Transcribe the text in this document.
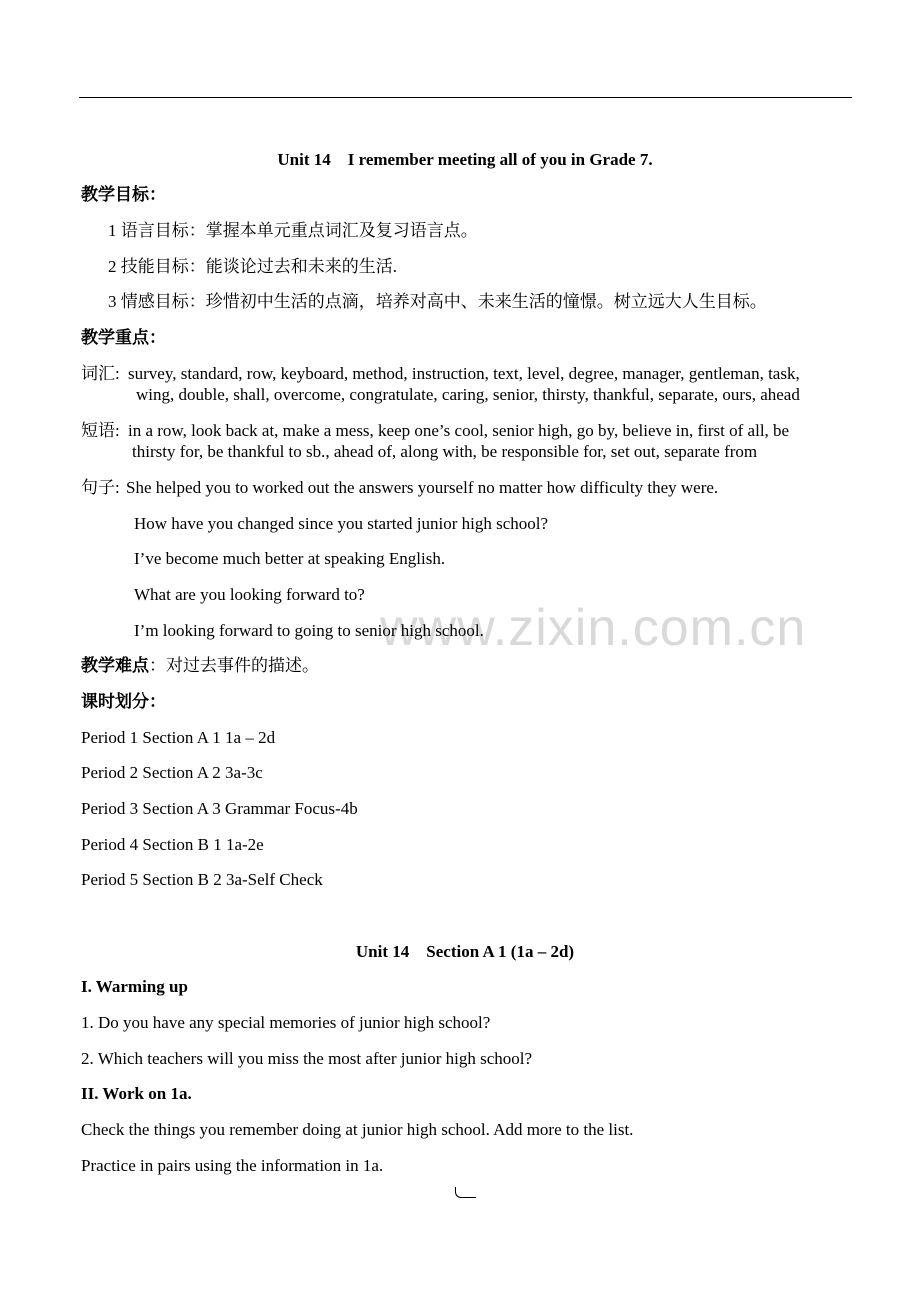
www.zixin.com.cn
Unit 14　I remember meeting all of you in Grade 7.
教学目标：
1 语言目标：掌握本单元重点词汇及复习语言点。
2 技能目标：能谈论过去和未来的生活.
3 情感目标：珍惜初中生活的点滴，培养对高中、未来生活的憧憬。树立远大人生目标。
教学重点：
词汇: survey, standard, row, keyboard, method, instruction, text, level, degree, manager, gentleman, task,
wing, double, shall, overcome, congratulate, caring, senior, thirsty, thankful, separate, ours, ahead
短语: in a row, look back at, make a mess, keep one’s cool, senior high, go by, believe in, first of all, be
thirsty for, be thankful to sb., ahead of, along with, be responsible for, set out, separate from
句子: She helped you to worked out the answers yourself no matter how difficulty they were.
How have you changed since you started junior high school?
I’ve become much better at speaking English.
What are you looking forward to?
I’m looking forward to going to senior high school.
教学难点：对过去事件的描述。
课时划分：
Period 1 Section A 1 1a – 2d
Period 2 Section A 2 3a-3c
Period 3 Section A 3 Grammar Focus-4b
Period 4 Section B 1 1a-2e
Period 5 Section B 2 3a-Self Check
Unit 14　Section A 1 (1a – 2d)
I. Warming up
1. Do you have any special memories of junior high school?
2. Which teachers will you miss the most after junior high school?
II. Work on 1a.
Check the things you remember doing at junior high school. Add more to the list.
Practice in pairs using the information in 1a.
